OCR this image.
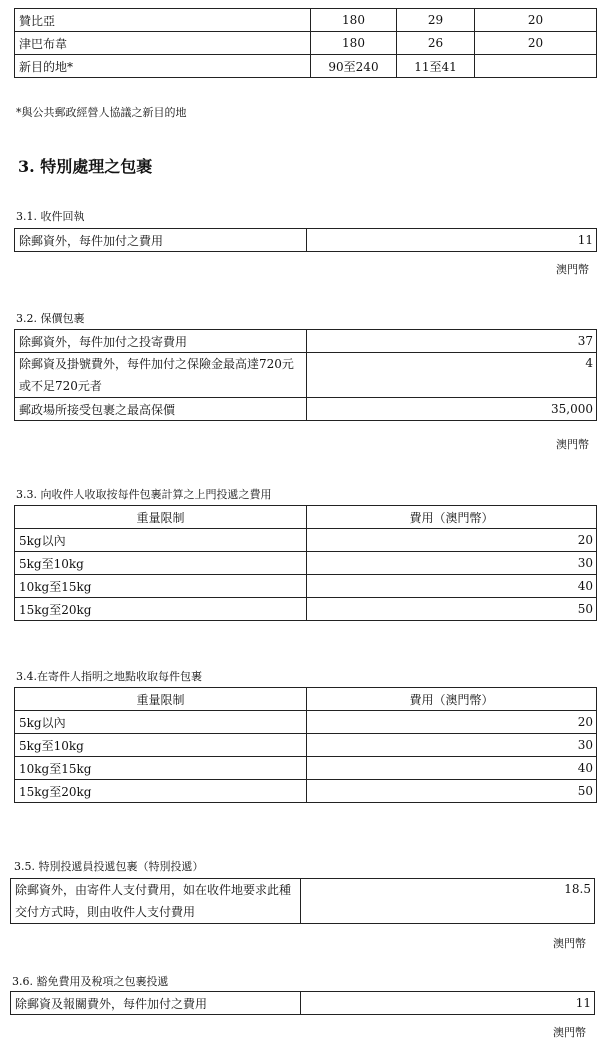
贊比亞	180	29	20
津巴布韋	180	26	20
新目的地*	90至240	11至41	
*與公共郵政經營人協議之新目的地
3. 特別處理之包裹
3.1. 收件回執
除郵資外，每件加付之費用	11
澳門幣
3.2. 保價包裹
除郵資外，每件加付之投寄費用	37
除郵資及掛號費外，每件加付之保險金最高達720元或不足720元者	4
郵政場所接受包裹之最高保價	35,000
澳門幣
3.3. 向收件人收取按每件包裹計算之上門投遞之費用
重量限制	費用（澳門幣）
5kg以內	20
5kg至10kg	30
10kg至15kg	40
15kg至20kg	50
3.4.在寄件人指明之地點收取每件包裹
重量限制	費用（澳門幣）
5kg以內	20
5kg至10kg	30
10kg至15kg	40
15kg至20kg	50
3.5. 特別投遞員投遞包裹（特別投遞）
除郵資外，由寄件人支付費用，如在收件地要求此種交付方式時，則由收件人支付費用	18.5
澳門幣
3.6. 豁免費用及稅項之包裹投遞
除郵資及報關費外，每件加付之費用	11
澳門幣
